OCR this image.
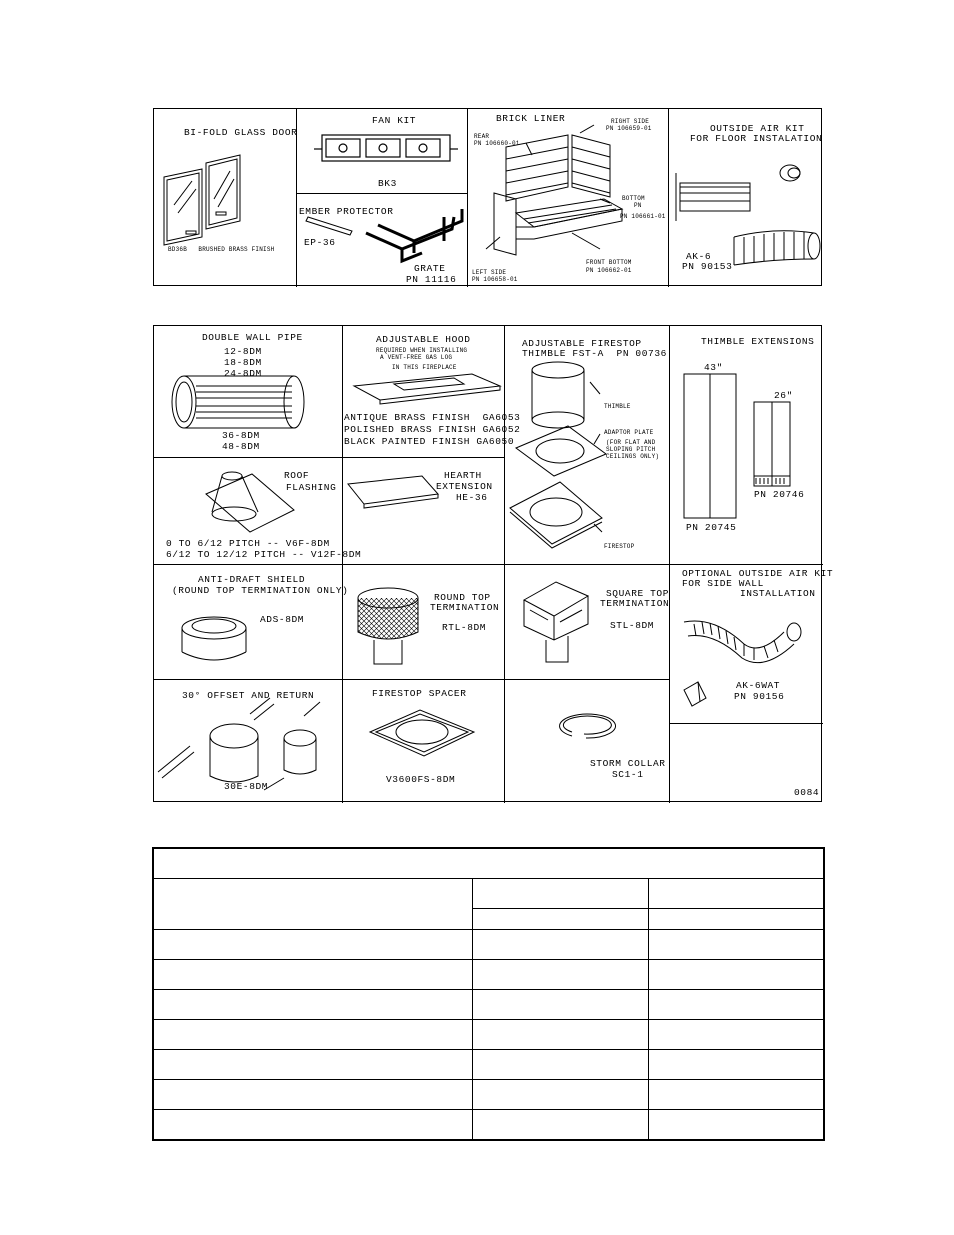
BI-FOLD GLASS DOOR
BD36B   BRUSHED BRASS FINISH
FAN KIT
BK3
EMBER PROTECTOR
EP-36
GRATE
PN 11116
BRICK LINER
REAR
PN 106660-01
RIGHT SIDE
PN 106659-01
BOTTOM
PN
PN 106661-01
FRONT BOTTOM
PN 106662-01
LEFT SIDE
PN 106658-01
OUTSIDE AIR KIT
FOR FLOOR INSTALATION
AK-6
PN 90153
DOUBLE WALL PIPE
12-8DM
18-8DM
24-8DM
36-8DM
48-8DM
ADJUSTABLE HOOD
REQUIRED WHEN INSTALLING
A VENT-FREE GAS LOG
IN THIS FIREPLACE
ANTIQUE BRASS FINISH  GA6053
POLISHED BRASS FINISH GA6052
BLACK PAINTED FINISH GA6050
ADJUSTABLE FIRESTOP
THIMBLE FST-A  PN 00736
THIMBLE
ADAPTOR PLATE
(FOR FLAT AND
SLOPING PITCH
CEILINGS ONLY)
FIRESTOP
THIMBLE EXTENSIONS
43"
26"
PN 20745
PN 20746
ROOF
FLASHING
0 TO 6/12 PITCH -- V6F-8DM
6/12 TO 12/12 PITCH -- V12F-8DM
HEARTH
EXTENSION
HE-36
ANTI-DRAFT SHIELD
(ROUND TOP TERMINATION ONLY)
ADS-8DM
ROUND TOP
TERMINATION
RTL-8DM
SQUARE TOP
TERMINATION
STL-8DM
OPTIONAL OUTSIDE AIR KIT
FOR SIDE WALL
INSTALLATION
AK-6WAT
PN 90156
30° OFFSET AND RETURN
30E-8DM
FIRESTOP SPACER
V3600FS-8DM
STORM COLLAR
SC1-1
0084
